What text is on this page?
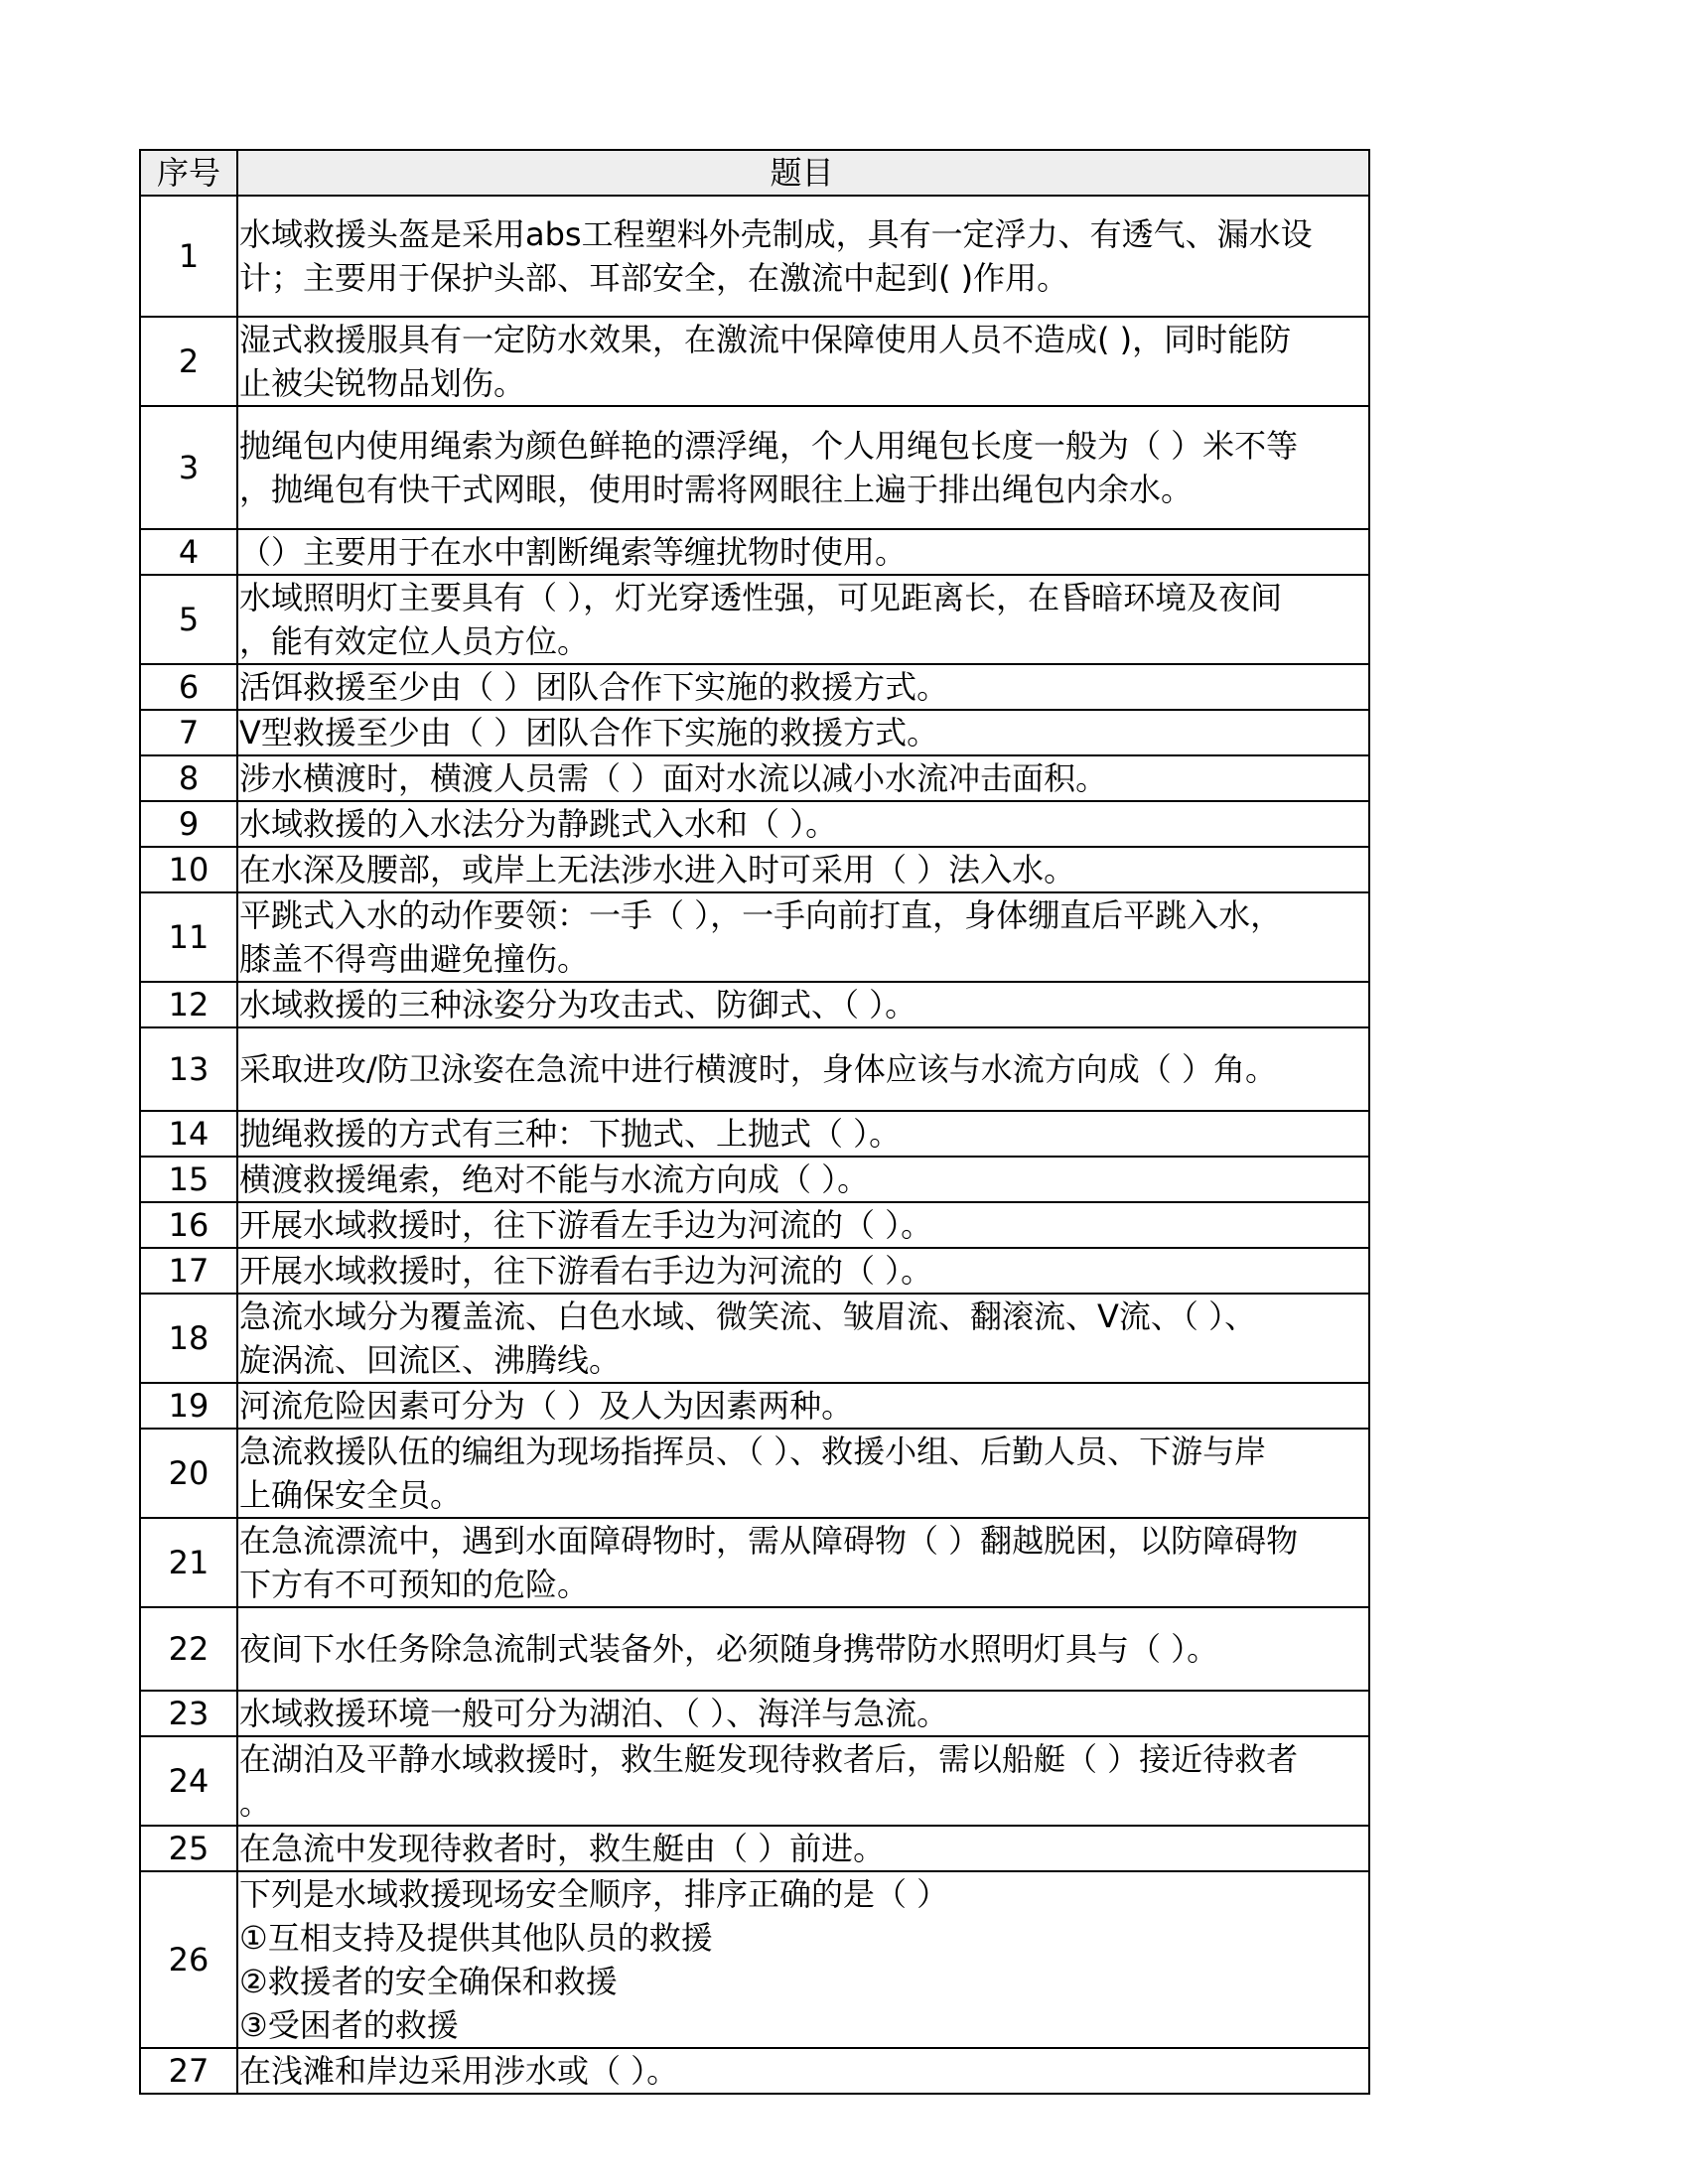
序号	题目
1	水域救援头盔是采用abs工程塑料外壳制成，具有一定浮力、有透气、漏水设
计；主要用于保护头部、耳部安全，在激流中起到( )作用。

2	湿式救援服具有一定防水效果，在激流中保障使用人员不造成( )，同时能防
止被尖锐物品划伤。

3	抛绳包内使用绳索为颜色鲜艳的漂浮绳，个人用绳包长度一般为（ ）米不等
，抛绳包有快干式网眼，使用时需将网眼往上遍于排出绳包内余水。

4	（）主要用于在水中割断绳索等缠扰物时使用。

5	水域照明灯主要具有（ ），灯光穿透性强，可见距离长，在昏暗环境及夜间
，能有效定位人员方位。

6	活饵救援至少由（ ）团队合作下实施的救援方式。

7	V型救援至少由（ ）团队合作下实施的救援方式。

8	涉水横渡时，横渡人员需（ ）面对水流以减小水流冲击面积。

9	水域救援的入水法分为静跳式入水和（ ）。

10	在水深及腰部，或岸上无法涉水进入时可采用（ ）法入水。

11	平跳式入水的动作要领：一手（ ），一手向前打直，身体绷直后平跳入水，
膝盖不得弯曲避免撞伤。

12	水域救援的三种泳姿分为攻击式、防御式、（ ）。

13	采取进攻/防卫泳姿在急流中进行横渡时，身体应该与水流方向成（ ）角。

14	抛绳救援的方式有三种：下抛式、上抛式（ ）。

15	横渡救援绳索，绝对不能与水流方向成（ ）。

16	开展水域救援时，往下游看左手边为河流的（ ）。

17	开展水域救援时，往下游看右手边为河流的（ ）。

18	急流水域分为覆盖流、白色水域、微笑流、皱眉流、翻滚流、V流、（ ）、
旋涡流、回流区、沸腾线。

19	河流危险因素可分为（ ）及人为因素两种。

20	急流救援队伍的编组为现场指挥员、（ ）、救援小组、后勤人员、下游与岸
上确保安全员。

21	在急流漂流中，遇到水面障碍物时，需从障碍物（ ）翻越脱困，以防障碍物
下方有不可预知的危险。

22	夜间下水任务除急流制式装备外，必须随身携带防水照明灯具与（ ）。

23	水域救援环境一般可分为湖泊、（ ）、海洋与急流。

24	在湖泊及平静水域救援时，救生艇发现待救者后，需以船艇（ ）接近待救者
。

25	在急流中发现待救者时，救生艇由（ ）前进。

26	下列是水域救援现场安全顺序，排序正确的是（ ）
①互相支持及提供其他队员的救援
②救援者的安全确保和救援
③受困者的救援

27	在浅滩和岸边采用涉水或（ ）。
